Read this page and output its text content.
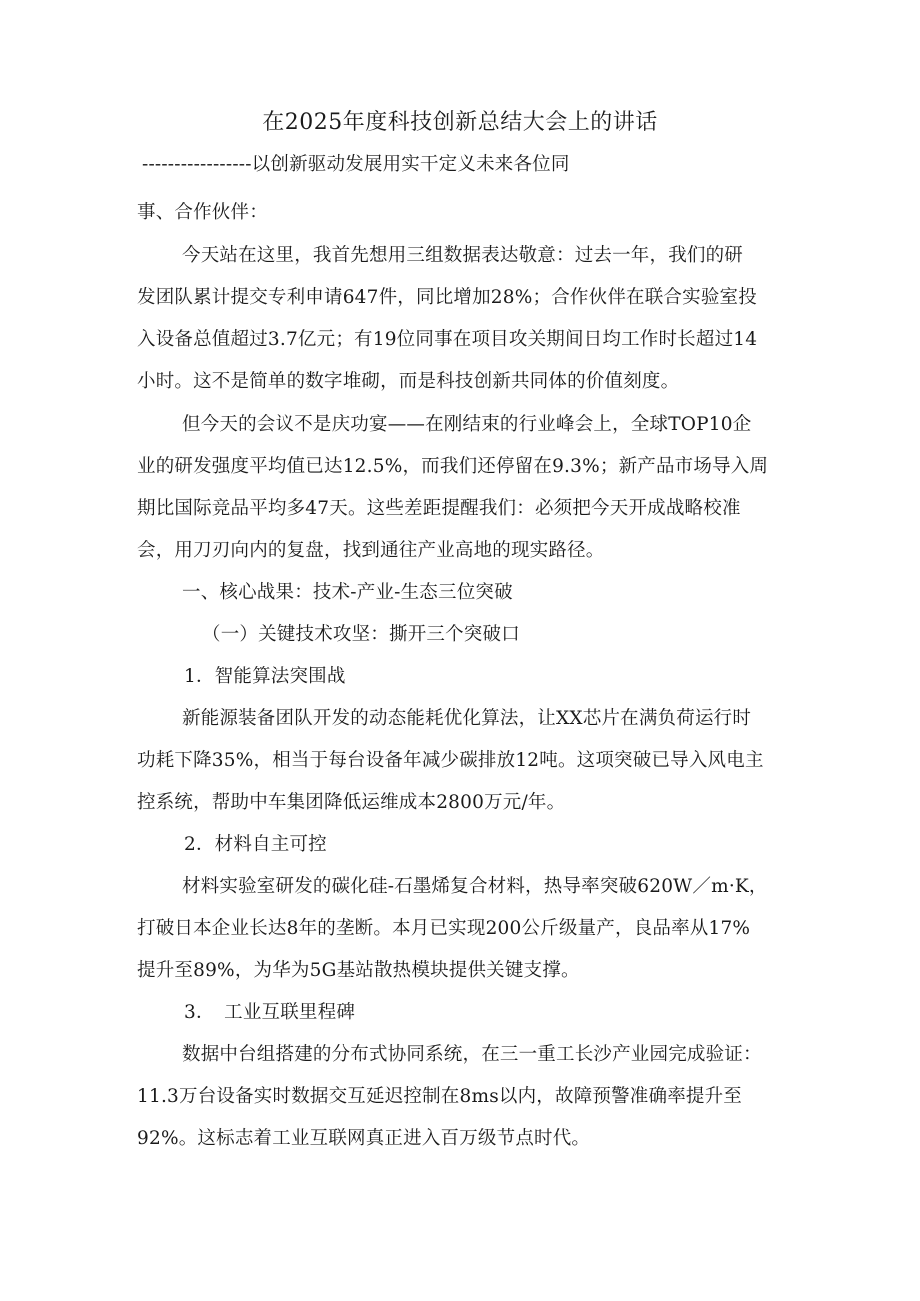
在2025年度科技创新总结大会上的讲话
-----------------以创新驱动发展用实干定义未来各位同
事、合作伙伴：
今天站在这里，我首先想用三组数据表达敬意：过去一年，我们的研
发团队累计提交专利申请647件，同比增加28%；合作伙伴在联合实验室投
入设备总值超过3.7亿元；有19位同事在项目攻关期间日均工作时长超过14
小时。这不是简单的数字堆砌，而是科技创新共同体的价值刻度。
但今天的会议不是庆功宴——在刚结束的行业峰会上，全球TOP10企
业的研发强度平均值已达12.5%，而我们还停留在9.3%；新产品市场导入周
期比国际竞品平均多47天。这些差距提醒我们：必须把今天开成战略校准
会，用刀刃向内的复盘，找到通往产业高地的现实路径。
一、核心战果：技术-产业-生态三位突破
（一）关键技术攻坚：撕开三个突破口
1．智能算法突围战
新能源装备团队开发的动态能耗优化算法，让XX芯片在满负荷运行时
功耗下降35%，相当于每台设备年减少碳排放12吨。这项突破已导入风电主
控系统，帮助中车集团降低运维成本2800万元/年。
2．材料自主可控
材料实验室研发的碳化硅-石墨烯复合材料，热导率突破620W／m·K，
打破日本企业长达8年的垄断。本月已实现200公斤级量产，良品率从17%
提升至89%，为华为5G基站散热模块提供关键支撑。
3．　工业互联里程碑
数据中台组搭建的分布式协同系统，在三一重工长沙产业园完成验证：
11.3万台设备实时数据交互延迟控制在8ms以内，故障预警准确率提升至
92%。这标志着工业互联网真正进入百万级节点时代。
